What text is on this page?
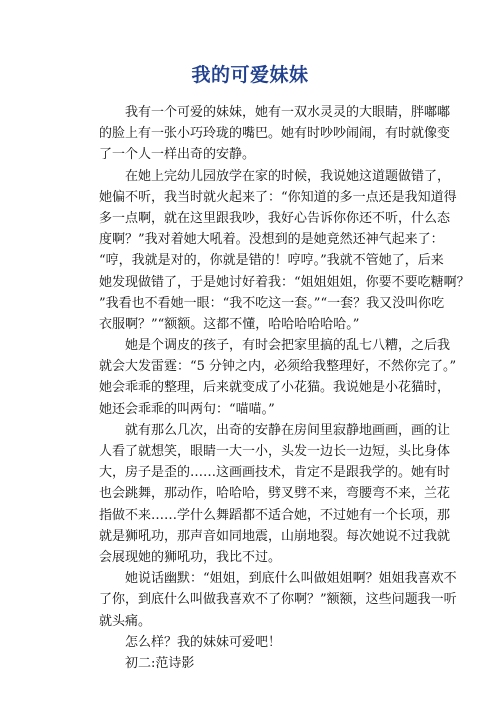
我的可爱妹妹
　　我有一个可爱的妹妹，她有一双水灵灵的大眼睛，胖嘟嘟
的脸上有一张小巧玲珑的嘴巴。她有时吵吵闹闹，有时就像变
了一个人一样出奇的安静。
　　在她上完幼儿园放学在家的时候，我说她这道题做错了，
她偏不听，我当时就火起来了：“你知道的多一点还是我知道得
多一点啊，就在这里跟我吵，我好心告诉你你还不听，什么态
度啊？”我对着她大吼着。没想到的是她竟然还神气起来了：
“哼，我就是对的，你就是错的！哼哼。”我就不管她了，后来
她发现做错了，于是她讨好着我：“姐姐姐姐，你要不要吃糖啊？
”我看也不看她一眼：“我不吃这一套。”“一套？我又没叫你吃
衣服啊？”“额额。这都不懂，哈哈哈哈哈哈。”
　　她是个调皮的孩子，有时会把家里搞的乱七八糟，之后我
就会大发雷霆：“5 分钟之内，必须给我整理好，不然你完了。”
她会乖乖的整理，后来就变成了小花猫。我说她是小花猫时，
她还会乖乖的叫两句：“喵喵。”
　　就有那么几次，出奇的安静在房间里寂静地画画，画的让
人看了就想笑，眼睛一大一小，头发一边长一边短，头比身体
大，房子是歪的……这画画技术，肯定不是跟我学的。她有时
也会跳舞，那动作，哈哈哈，劈叉劈不来，弯腰弯不来，兰花
指做不来……学什么舞蹈都不适合她，不过她有一个长项，那
就是狮吼功，那声音如同地震，山崩地裂。每次她说不过我就
会展现她的狮吼功，我比不过。
　　她说话幽默：“姐姐，到底什么叫做姐姐啊？姐姐我喜欢不
了你，到底什么叫做我喜欢不了你啊？”额额，这些问题我一听
就头痛。
　　怎么样？我的妹妹可爱吧！
　　初二:范诗影
